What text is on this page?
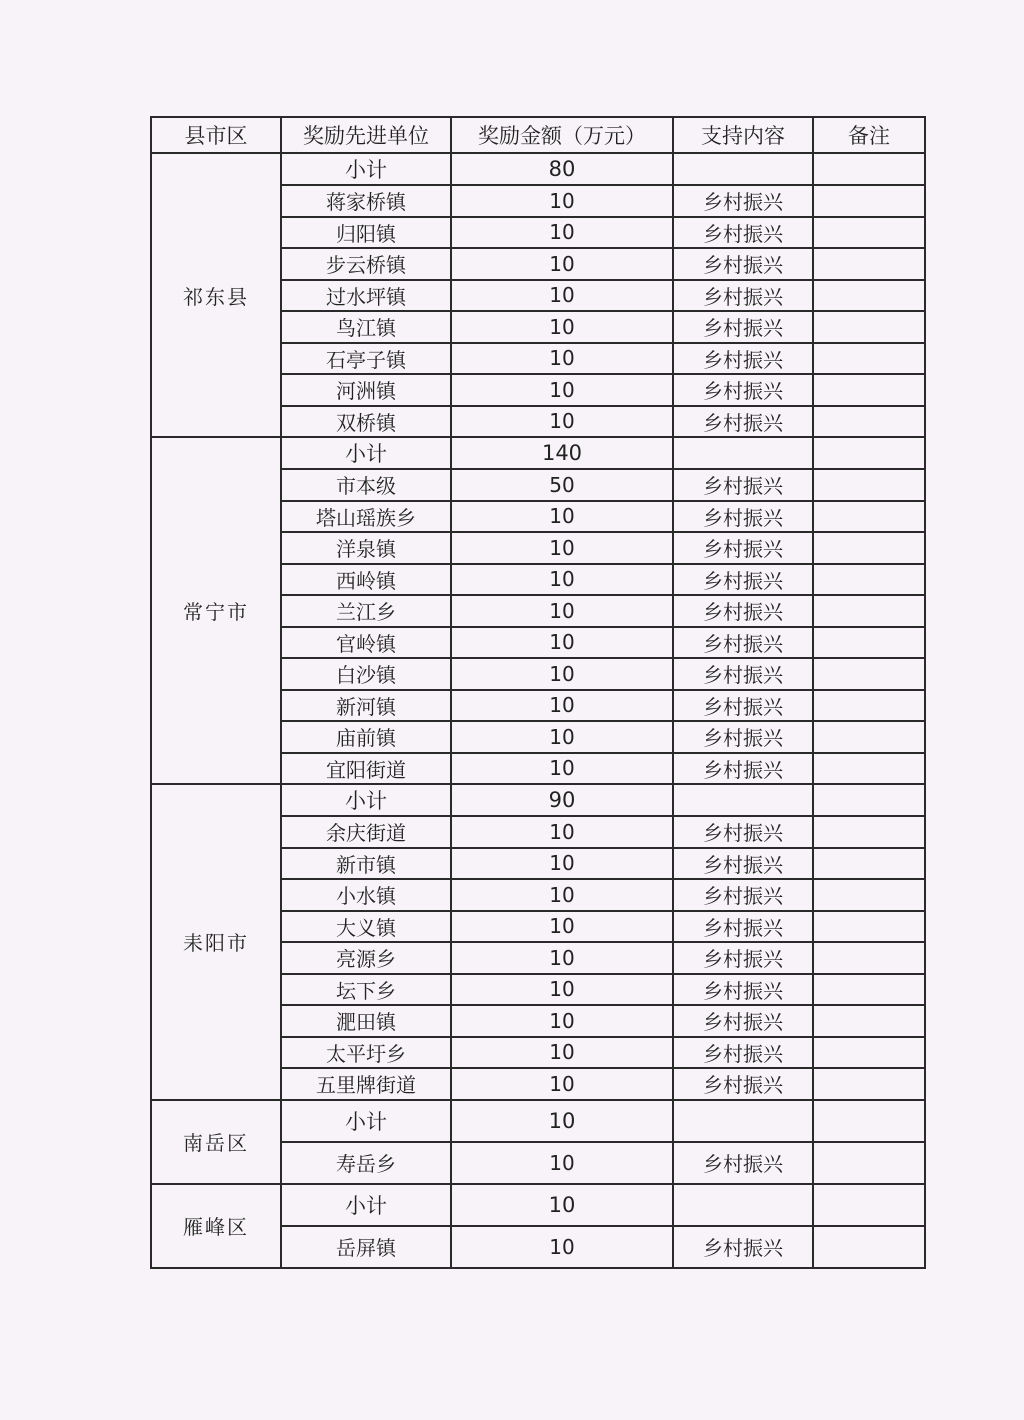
县市区	奖励先进单位	奖励金额（万元）	支持内容	备注
祁东县	小计	80		
	蒋家桥镇	10	乡村振兴	
	归阳镇	10	乡村振兴	
	步云桥镇	10	乡村振兴	
	过水坪镇	10	乡村振兴	
	鸟江镇	10	乡村振兴	
	石亭子镇	10	乡村振兴	
	河洲镇	10	乡村振兴	
	双桥镇	10	乡村振兴	
常宁市	小计	140		
	市本级	50	乡村振兴	
	塔山瑶族乡	10	乡村振兴	
	洋泉镇	10	乡村振兴	
	西岭镇	10	乡村振兴	
	兰江乡	10	乡村振兴	
	官岭镇	10	乡村振兴	
	白沙镇	10	乡村振兴	
	新河镇	10	乡村振兴	
	庙前镇	10	乡村振兴	
	宜阳街道	10	乡村振兴	
耒阳市	小计	90		
	余庆街道	10	乡村振兴	
	新市镇	10	乡村振兴	
	小水镇	10	乡村振兴	
	大义镇	10	乡村振兴	
	亮源乡	10	乡村振兴	
	坛下乡	10	乡村振兴	
	淝田镇	10	乡村振兴	
	太平圩乡	10	乡村振兴	
	五里牌街道	10	乡村振兴	
南岳区	小计	10		
	寿岳乡	10	乡村振兴	
雁峰区	小计	10		
	岳屏镇	10	乡村振兴	
